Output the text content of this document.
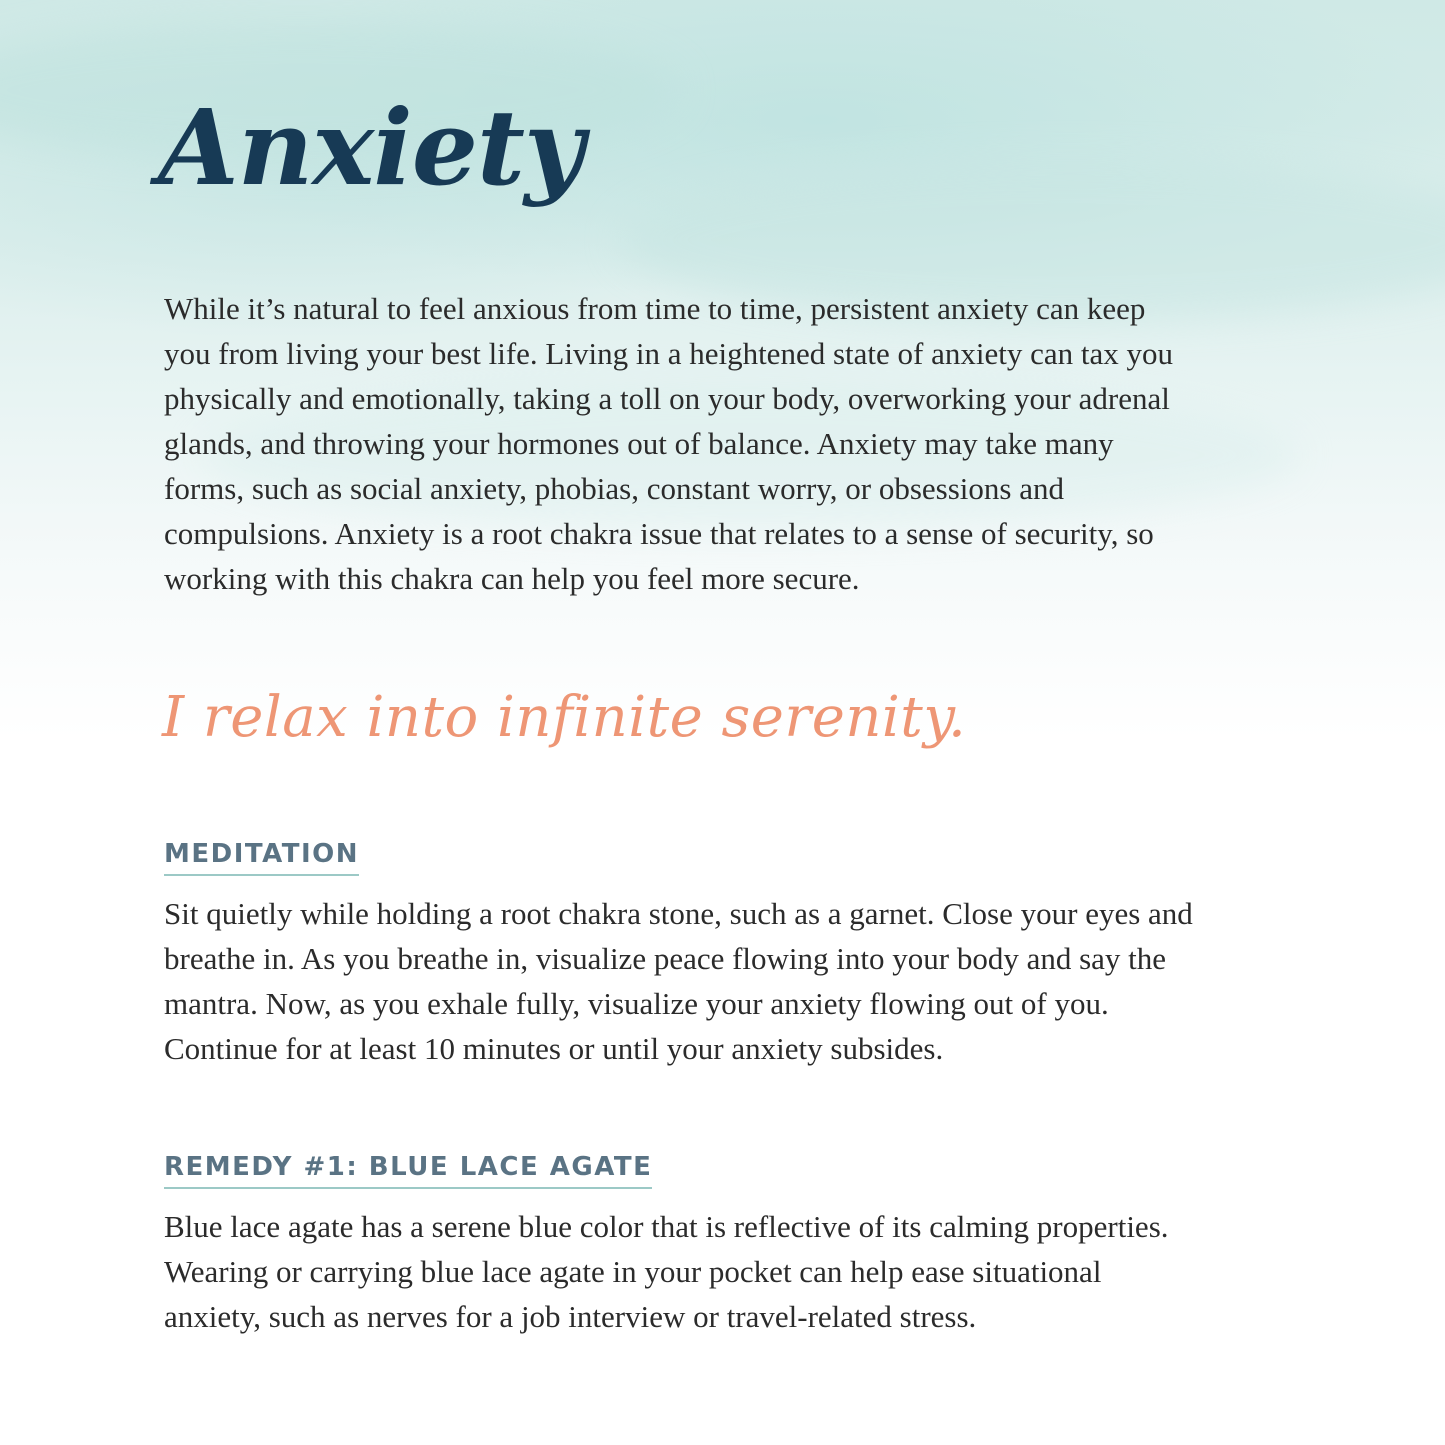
Anxiety

While it’s natural to feel anxious from time to time, persistent anxiety can keep you from living your best life. Living in a heightened state of anxiety can tax you physically and emotionally, taking a toll on your body, overworking your adrenal glands, and throwing your hormones out of balance. Anxiety may take many forms, such as social anxiety, phobias, constant worry, or obsessions and compulsions. Anxiety is a root chakra issue that relates to a sense of security, so working with this chakra can help you feel more secure.

I relax into infinite serenity.

MEDITATION

Sit quietly while holding a root chakra stone, such as a garnet. Close your eyes and breathe in. As you breathe in, visualize peace flowing into your body and say the mantra. Now, as you exhale fully, visualize your anxiety flowing out of you. Continue for at least 10 minutes or until your anxiety subsides.

REMEDY #1: BLUE LACE AGATE

Blue lace agate has a serene blue color that is reflective of its calming properties. Wearing or carrying blue lace agate in your pocket can help ease situational anxiety, such as nerves for a job interview or travel-related stress.
